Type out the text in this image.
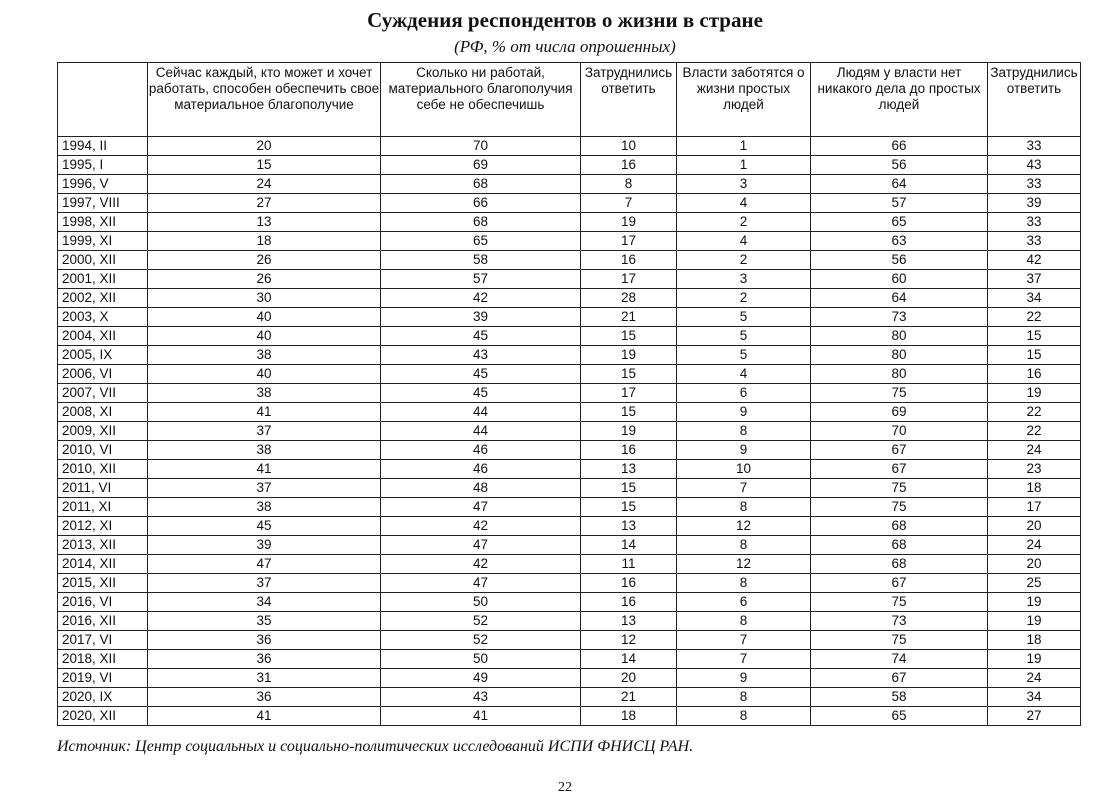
Суждения респондентов о жизни в стране
(РФ, % от числа опрошенных)
	Сейчас каждый, кто может и хочет работать, способен обеспечить свое материальное благополучие	Сколько ни работай, материального благополучия себе не обеспечишь	Затруднились ответить	Власти заботятся о жизни простых людей	Людям у власти нет никакого дела до простых людей	Затруднились ответить
1994, II	20	70	10	1	66	33
1995, I	15	69	16	1	56	43
1996, V	24	68	8	3	64	33
1997, VIII	27	66	7	4	57	39
1998, XII	13	68	19	2	65	33
1999, XI	18	65	17	4	63	33
2000, XII	26	58	16	2	56	42
2001, XII	26	57	17	3	60	37
2002, XII	30	42	28	2	64	34
2003, X	40	39	21	5	73	22
2004, XII	40	45	15	5	80	15
2005, IX	38	43	19	5	80	15
2006, VI	40	45	15	4	80	16
2007, VII	38	45	17	6	75	19
2008, XI	41	44	15	9	69	22
2009, XII	37	44	19	8	70	22
2010, VI	38	46	16	9	67	24
2010, XII	41	46	13	10	67	23
2011, VI	37	48	15	7	75	18
2011, XI	38	47	15	8	75	17
2012, XI	45	42	13	12	68	20
2013, XII	39	47	14	8	68	24
2014, XII	47	42	11	12	68	20
2015, XII	37	47	16	8	67	25
2016, VI	34	50	16	6	75	19
2016, XII	35	52	13	8	73	19
2017, VI	36	52	12	7	75	18
2018, XII	36	50	14	7	74	19
2019, VI	31	49	20	9	67	24
2020, IX	36	43	21	8	58	34
2020, XII	41	41	18	8	65	27
Источник: Центр социальных и социально-политических исследований ИСПИ ФНИСЦ РАН.
22
